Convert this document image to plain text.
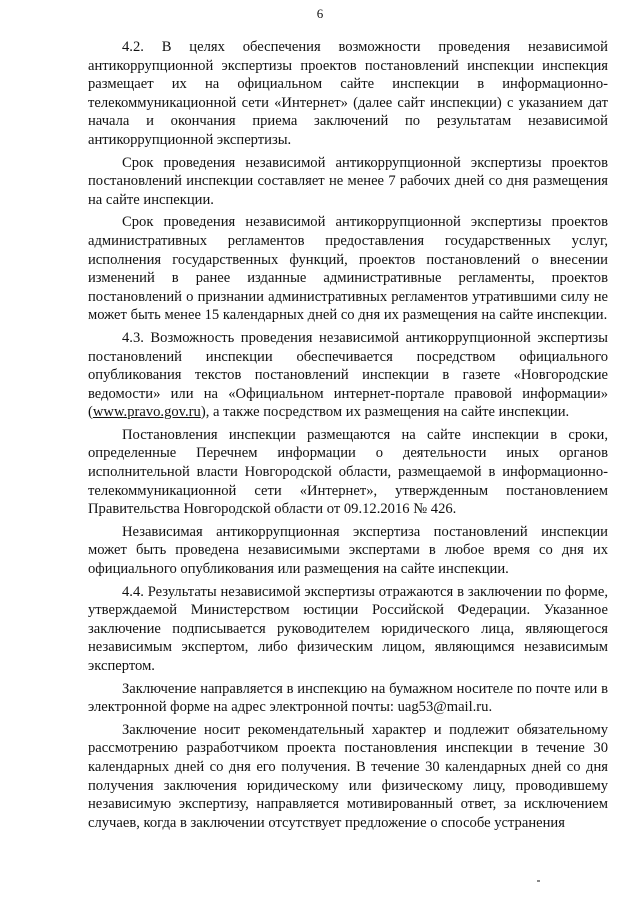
6

4.2. В целях обеспечения возможности проведения независимой антикоррупционной экспертизы проектов постановлений инспекции инспекция размещает их на официальном сайте инспекции в информационно-телекоммуникационной сети «Интернет» (далее сайт инспекции) с указанием дат начала и окончания приема заключений по результатам независимой антикоррупционной экспертизы.

Срок проведения независимой антикоррупционной экспертизы проектов постановлений инспекции составляет не менее 7 рабочих дней со дня размещения на сайте инспекции.

Срок проведения независимой антикоррупционной экспертизы проектов административных регламентов предоставления государственных услуг, исполнения государственных функций, проектов постановлений о внесении изменений в ранее изданные административные регламенты, проектов постановлений о признании административных регламентов утратившими силу не может быть менее 15 календарных дней со дня их размещения на сайте инспекции.

4.3. Возможность проведения независимой антикоррупционной экспертизы постановлений инспекции обеспечивается посредством официального опубликования текстов постановлений инспекции в газете «Новгородские ведомости» или на «Официальном интернет-портале правовой информации» (www.pravo.gov.ru), а также посредством их размещения на сайте инспекции.

Постановления инспекции размещаются на сайте инспекции в сроки, определенные Перечнем информации о деятельности иных органов исполнительной власти Новгородской области, размещаемой в информационно-телекоммуникационной сети «Интернет», утвержденным постановлением Правительства Новгородской области от 09.12.2016 № 426.

Независимая антикоррупционная экспертиза постановлений инспекции может быть проведена независимыми экспертами в любое время со дня их официального опубликования или размещения на сайте инспекции.

4.4. Результаты независимой экспертизы отражаются в заключении по форме, утверждаемой Министерством юстиции Российской Федерации. Указанное заключение подписывается руководителем юридического лица, являющегося независимым экспертом, либо физическим лицом, являющимся независимым экспертом.

Заключение направляется в инспекцию на бумажном носителе по почте или в электронной форме на адрес электронной почты: uag53@mail.ru.

Заключение носит рекомендательный характер и подлежит обязательному рассмотрению разработчиком проекта постановления инспекции в течение 30 календарных дней со дня его получения. В течение 30 календарных дней со дня получения заключения юридическому или физическому лицу, проводившему независимую экспертизу, направляется мотивированный ответ, за исключением случаев, когда в заключении отсутствует предложение о способе устранения
